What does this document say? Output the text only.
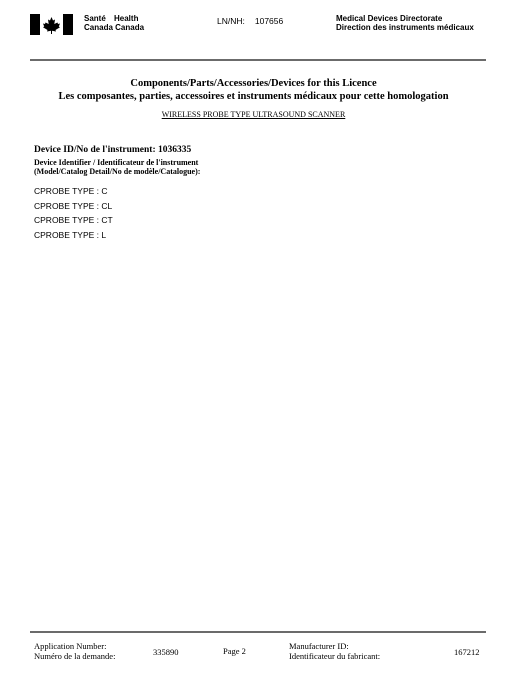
Santé Health
Canada Canada
LN/NH: 107656	Medical Devices Directorate
Direction des instruments médicaux
Components/Parts/Accessories/Devices for this Licence
Les composantes, parties, accessoires et instruments médicaux pour cette homologation
WIRELESS PROBE TYPE ULTRASOUND SCANNER
Device ID/No de l'instrument: 1036335
Device Identifier / Identificateur de l'instrument
(Model/Catalog Detail/No de modèle/Catalogue):
CPROBE TYPE : C
CPROBE TYPE : CL
CPROBE TYPE : CT
CPROBE TYPE : L
Application Number:
Numéro de la demande:	335890	Page 2	Manufacturer ID:
Identificateur du fabricant:	167212
